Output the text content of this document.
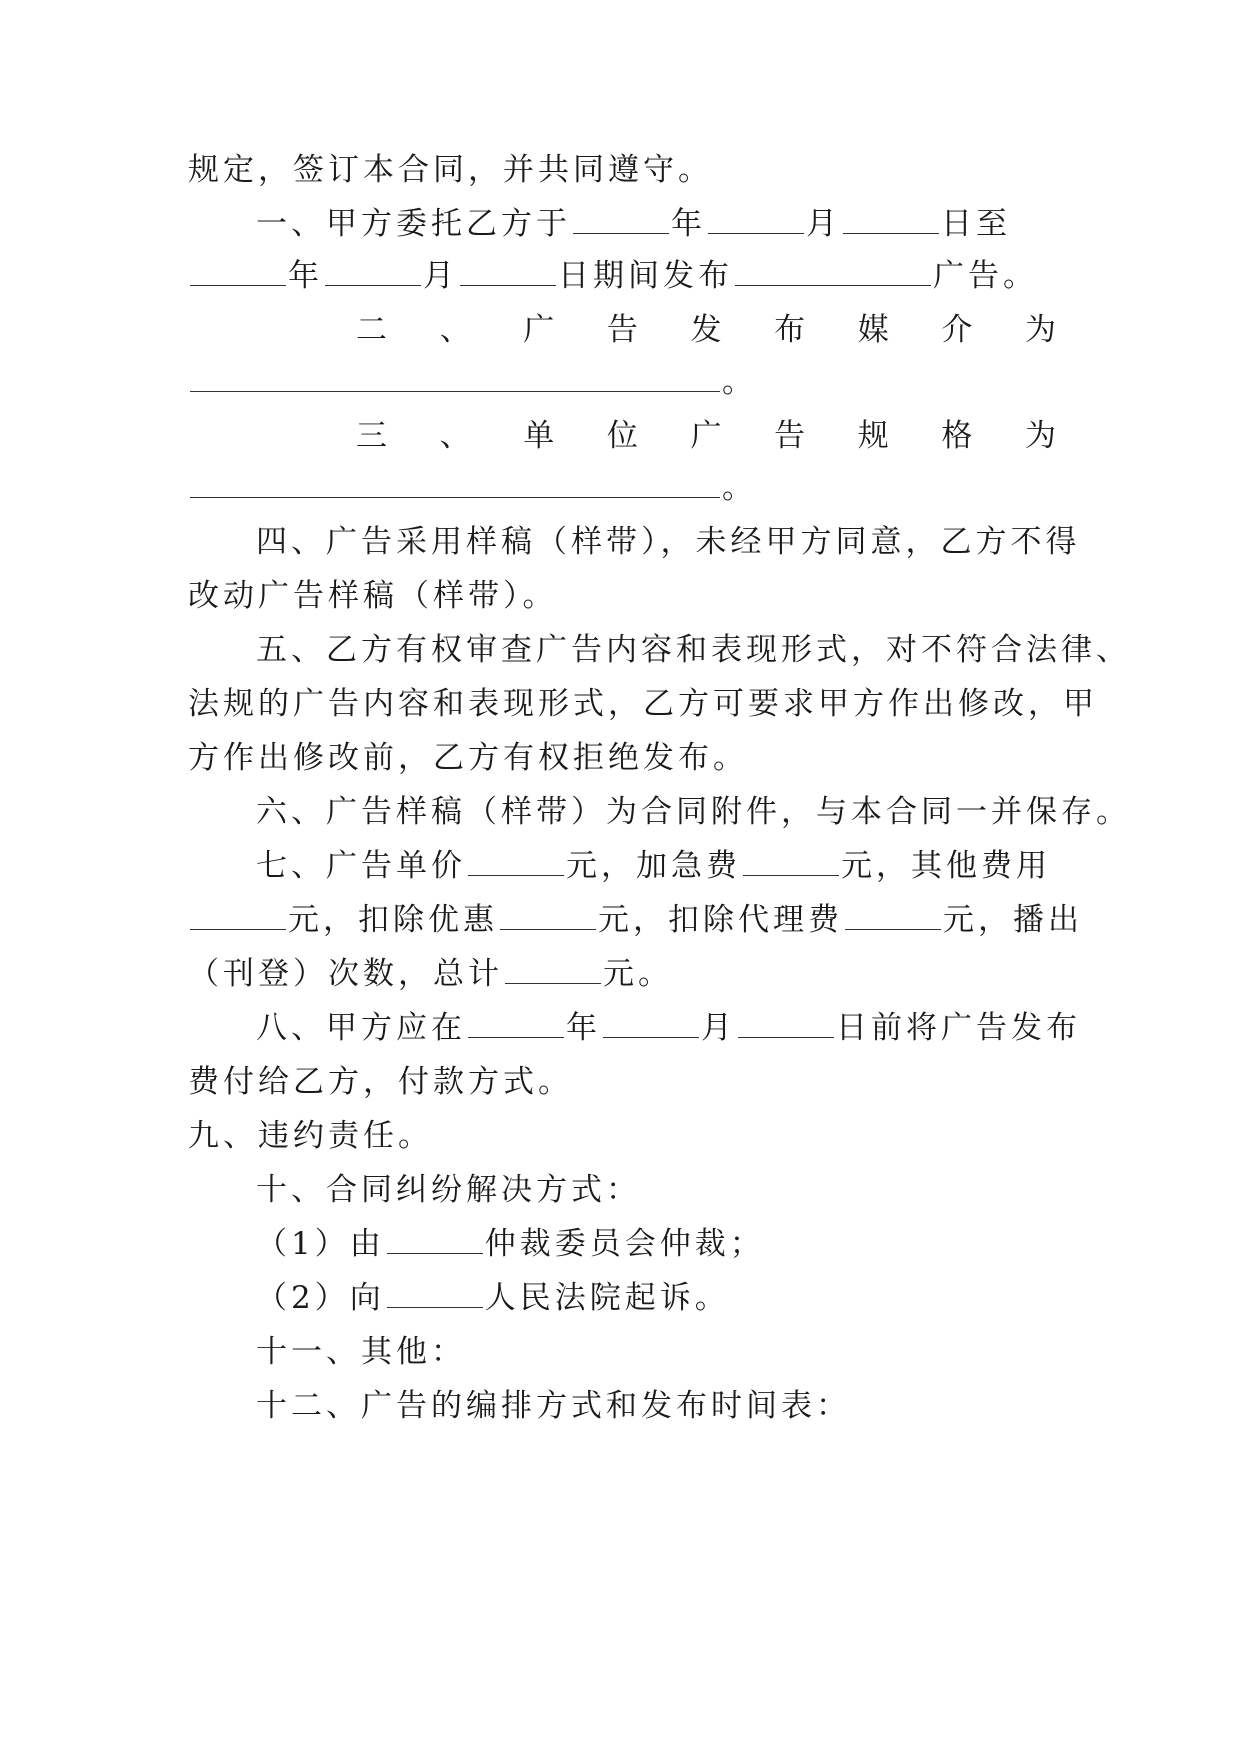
规定，签订本合同，并共同遵守。
一、甲方委托乙方于	年	月	日至
年	月	日期间发布	广告。
二 、 广 告 发 布 媒 介 为
。
三 、 单 位 广 告 规 格 为
。
四、广告采用样稿（样带），未经甲方同意，乙方不得
改动广告样稿（样带）。
五、乙方有权审查广告内容和表现形式，对不符合法律、
法规的广告内容和表现形式，乙方可要求甲方作出修改，甲
方作出修改前，乙方有权拒绝发布。
六、广告样稿（样带）为合同附件，与本合同一并保存。
七、广告单价	元，加急费	元，其他费用
元，扣除优惠	元，扣除代理费	元，播出
（刊登）次数，总计	元。
八、甲方应在	年	月	日前将广告发布
费付给乙方，付款方式。
九、违约责任。
十、合同纠纷解决方式：
（1）由	仲裁委员会仲裁；
（2）向	人民法院起诉。
十一、其他：
十二、广告的编排方式和发布时间表：
